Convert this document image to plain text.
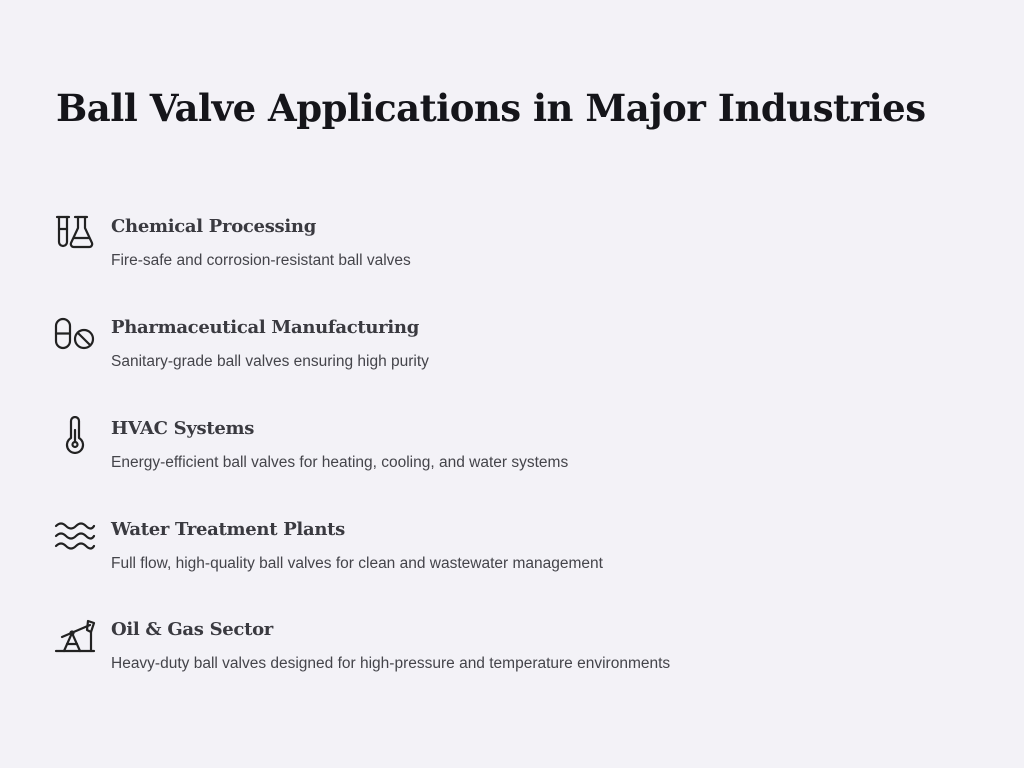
Ball Valve Applications in Major Industries
Chemical Processing
Fire-safe and corrosion-resistant ball valves
Pharmaceutical Manufacturing
Sanitary-grade ball valves ensuring high purity
HVAC Systems
Energy-efficient ball valves for heating, cooling, and water systems
Water Treatment Plants
Full flow, high-quality ball valves for clean and wastewater management
Oil & Gas Sector
Heavy-duty ball valves designed for high-pressure and temperature environments
